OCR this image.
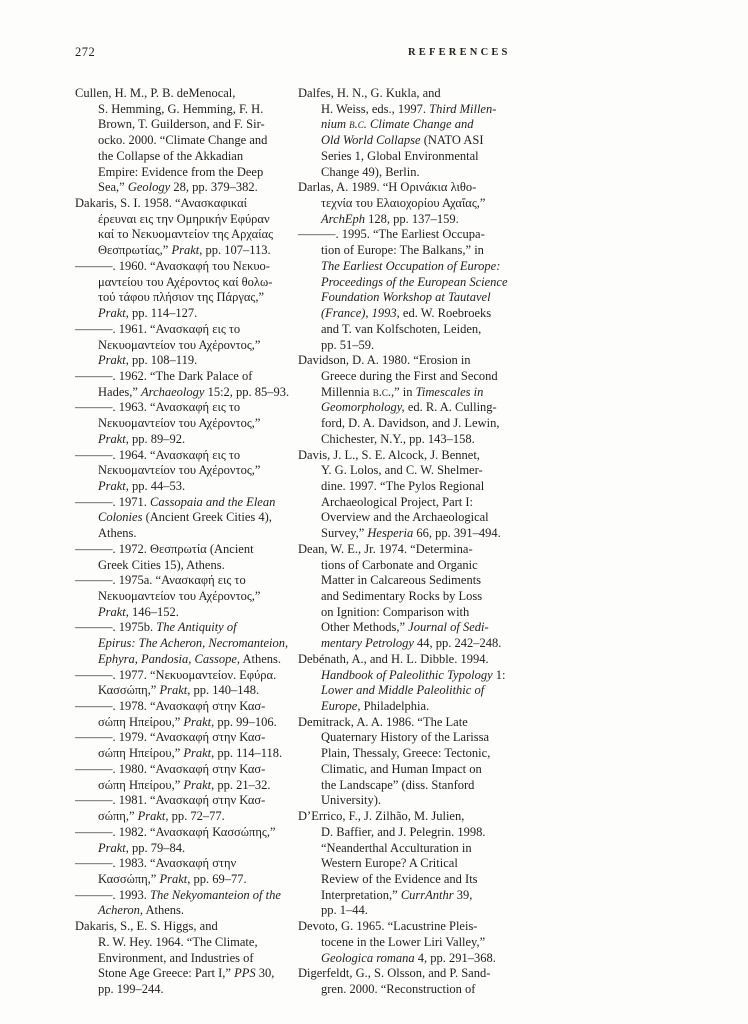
272	REFERENCES
Cullen, H. M., P. B. deMenocal,
S. Hemming, G. Hemming, F. H.
Brown, T. Guilderson, and F. Sir-
ocko. 2000. “Climate Change and
the Collapse of the Akkadian
Empire: Evidence from the Deep
Sea,” Geology 28, pp. 379–382.
Dakaris, S. I. 1958. “Ανασκαφικαί
έρευναι εις την Ομηρικήν Εφύραν
καί το Νεκυομαντείον της Αρχαίας
Θεσπρωτίας,” Prakt, pp. 107–113.
———. 1960. “Ανασκαφή του Νεκυο-
μαντείου του Αχέροντος καί θολω-
τού τάφου πλήσιον της Πάργας,”
Prakt, pp. 114–127.
———. 1961. “Ανασκαφή εις το
Νεκυομαντείον του Αχέροντος,”
Prakt, pp. 108–119.
———. 1962. “The Dark Palace of
Hades,” Archaeology 15:2, pp. 85–93.
———. 1963. “Ανασκαφή εις το
Νεκυομαντείον του Αχέροντος,”
Prakt, pp. 89–92.
———. 1964. “Ανασκαφή εις το
Νεκυομαντείον του Αχέροντος,”
Prakt, pp. 44–53.
———. 1971. Cassopaia and the Elean
Colonies (Ancient Greek Cities 4),
Athens.
———. 1972. Θεσπρωτία (Ancient
Greek Cities 15), Athens.
———. 1975a. “Ανασκαφή εις το
Νεκυομαντείον του Αχέροντος,”
Prakt, 146–152.
———. 1975b. The Antiquity of
Epirus: The Acheron, Necromanteion,
Ephyra, Pandosia, Cassope, Athens.
———. 1977. “Νεκυομαντείον. Εφύρα.
Κασσώπη,” Prakt, pp. 140–148.
———. 1978. “Ανασκαφή στην Κασ-
σώπη Ηπείρου,” Prakt, pp. 99–106.
———. 1979. “Ανασκαφή στην Κασ-
σώπη Ηπείρου,” Prakt, pp. 114–118.
———. 1980. “Ανασκαφή στην Κασ-
σώπη Ηπείρου,” Prakt, pp. 21–32.
———. 1981. “Ανασκαφή στην Κασ-
σώπη,” Prakt, pp. 72–77.
———. 1982. “Ανασκαφή Κασσώπης,”
Prakt, pp. 79–84.
———. 1983. “Ανασκαφή στην
Κασσώπη,” Prakt, pp. 69–77.
———. 1993. The Nekyomanteion of the
Acheron, Athens.
Dakaris, S., E. S. Higgs, and
R. W. Hey. 1964. “The Climate,
Environment, and Industries of
Stone Age Greece: Part I,” PPS 30,
pp. 199–244.
Dalfes, H. N., G. Kukla, and
H. Weiss, eds., 1997. Third Millen-
nium b.c. Climate Change and
Old World Collapse (NATO ASI
Series 1, Global Environmental
Change 49), Berlin.
Darlas, A. 1989. “Η Ορινάκια λιθο-
τεχνία του Ελαιοχορίου Αχαΐας,”
ArchEph 128, pp. 137–159.
———. 1995. “The Earliest Occupa-
tion of Europe: The Balkans,” in
The Earliest Occupation of Europe:
Proceedings of the European Science
Foundation Workshop at Tautavel
(France), 1993, ed. W. Roebroeks
and T. van Kolfschoten, Leiden,
pp. 51–59.
Davidson, D. A. 1980. “Erosion in
Greece during the First and Second
Millennia b.c.,” in Timescales in
Geomorphology, ed. R. A. Culling-
ford, D. A. Davidson, and J. Lewin,
Chichester, N.Y., pp. 143–158.
Davis, J. L., S. E. Alcock, J. Bennet,
Y. G. Lolos, and C. W. Shelmer-
dine. 1997. “The Pylos Regional
Archaeological Project, Part I:
Overview and the Archaeological
Survey,” Hesperia 66, pp. 391–494.
Dean, W. E., Jr. 1974. “Determina-
tions of Carbonate and Organic
Matter in Calcareous Sediments
and Sedimentary Rocks by Loss
on Ignition: Comparison with
Other Methods,” Journal of Sedi-
mentary Petrology 44, pp. 242–248.
Debénath, A., and H. L. Dibble. 1994.
Handbook of Paleolithic Typology 1:
Lower and Middle Paleolithic of
Europe, Philadelphia.
Demitrack, A. A. 1986. “The Late
Quaternary History of the Larissa
Plain, Thessaly, Greece: Tectonic,
Climatic, and Human Impact on
the Landscape” (diss. Stanford
University).
D’Errico, F., J. Zilhão, M. Julien,
D. Baffier, and J. Pelegrin. 1998.
“Neanderthal Acculturation in
Western Europe? A Critical
Review of the Evidence and Its
Interpretation,” CurrAnthr 39,
pp. 1–44.
Devoto, G. 1965. “Lacustrine Pleis-
tocene in the Lower Liri Valley,”
Geologica romana 4, pp. 291–368.
Digerfeldt, G., S. Olsson, and P. Sand-
gren. 2000. “Reconstruction of
